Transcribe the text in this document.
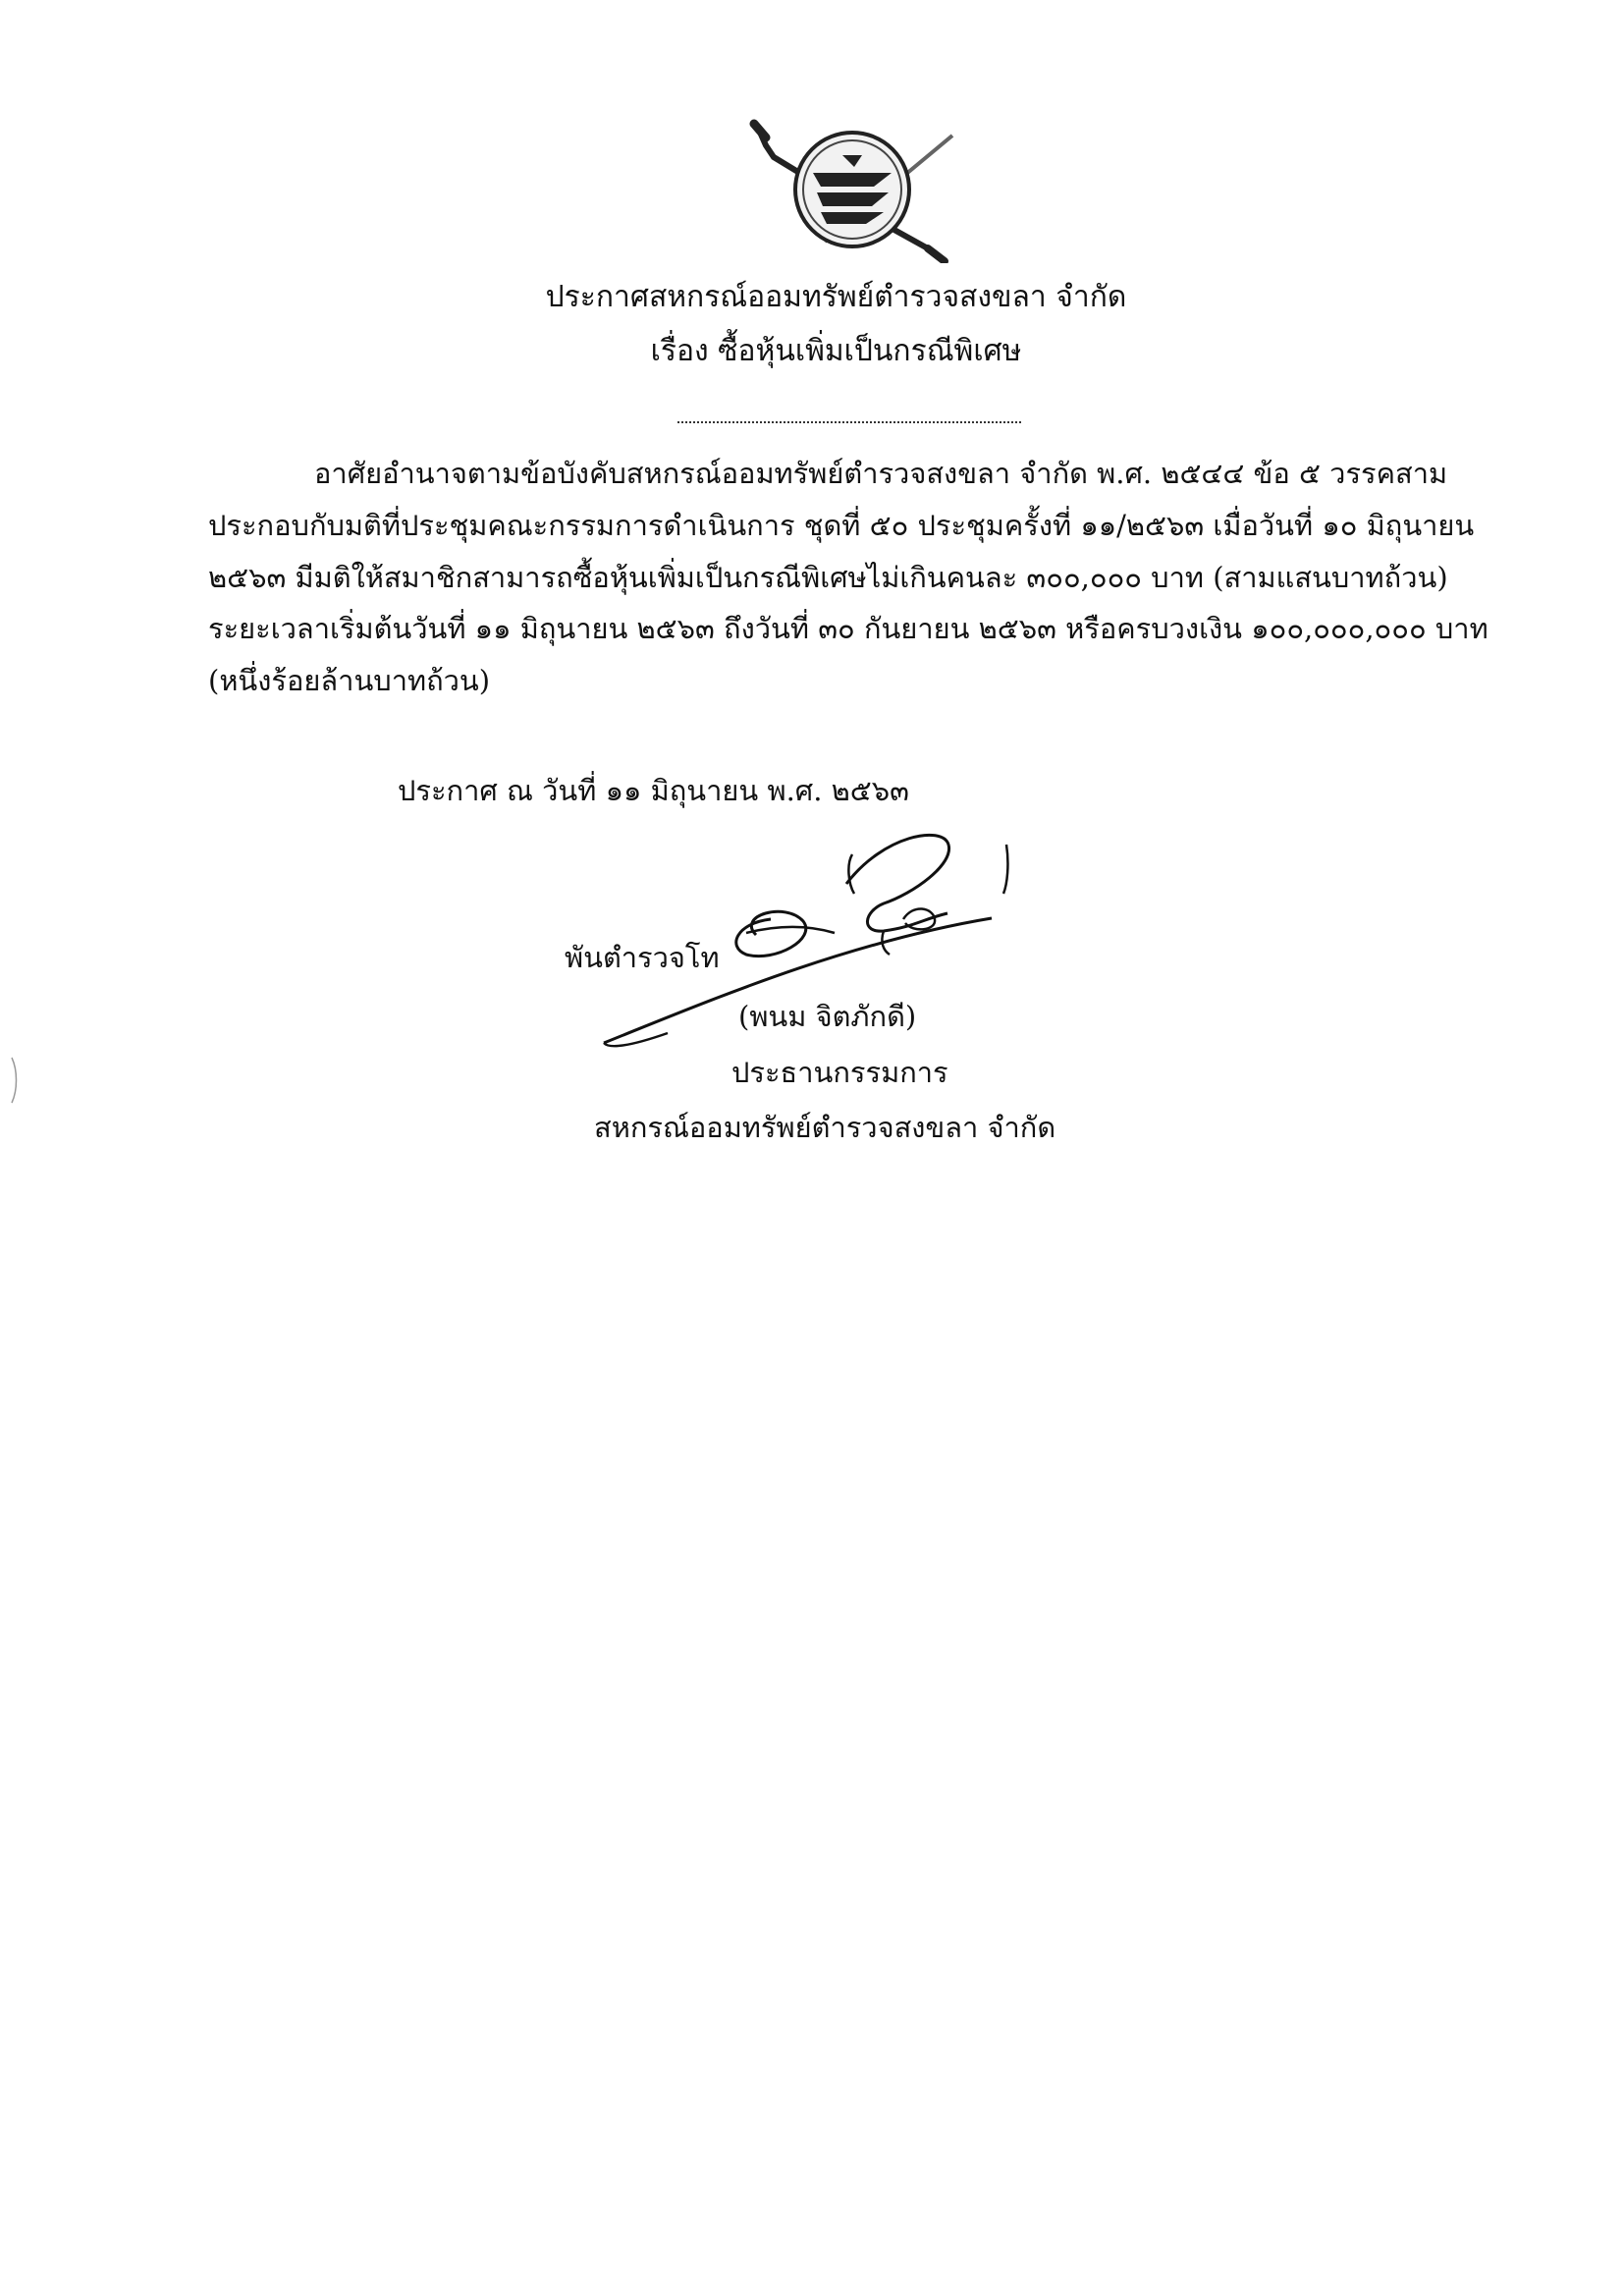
ประกาศสหกรณ์ออมทรัพย์ตำรวจสงขลา จำกัด
เรื่อง ซื้อหุ้นเพิ่มเป็นกรณีพิเศษ
อาศัยอำนาจตามข้อบังคับสหกรณ์ออมทรัพย์ตำรวจสงขลา จำกัด พ.ศ. ๒๕๔๔ ข้อ ๕ วรรคสาม
ประกอบกับมติที่ประชุมคณะกรรมการดำเนินการ ชุดที่ ๕๐ ประชุมครั้งที่ ๑๑/๒๕๖๓ เมื่อวันที่ ๑๐ มิถุนายน
๒๕๖๓ มีมติให้สมาชิกสามารถซื้อหุ้นเพิ่มเป็นกรณีพิเศษไม่เกินคนละ ๓๐๐,๐๐๐ บาท (สามแสนบาทถ้วน)
ระยะเวลาเริ่มต้นวันที่ ๑๑ มิถุนายน ๒๕๖๓ ถึงวันที่ ๓๐ กันยายน ๒๕๖๓ หรือครบวงเงิน ๑๐๐,๐๐๐,๐๐๐ บาท
(หนึ่งร้อยล้านบาทถ้วน)
ประกาศ ณ วันที่ ๑๑ มิถุนายน พ.ศ. ๒๕๖๓
พันตำรวจโท
(พนม จิตภักดี)
ประธานกรรมการ
สหกรณ์ออมทรัพย์ตำรวจสงขลา จำกัด
